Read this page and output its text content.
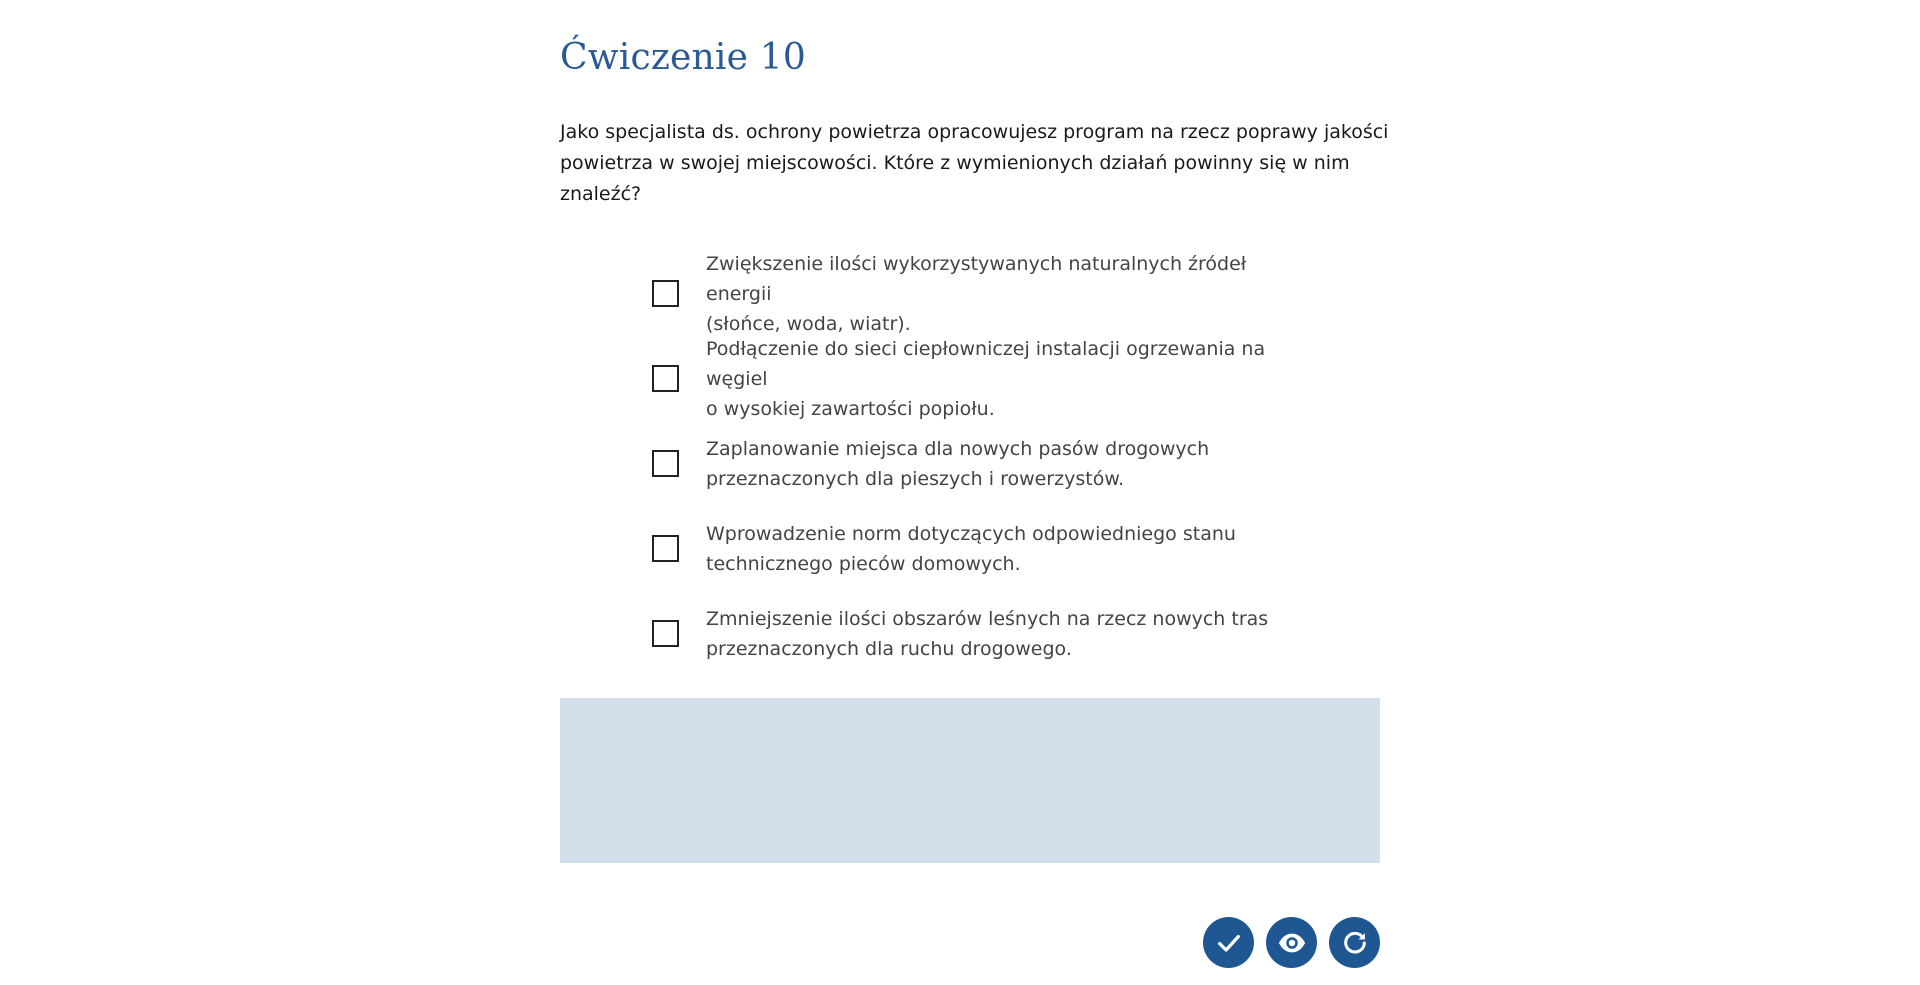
Ćwiczenie 10
Jako specjalista ds. ochrony powietrza opracowujesz program na rzecz poprawy jakości
powietrza w swojej miejscowości. Które z wymienionych działań powinny się w nim znaleźć?
Zwiększenie ilości wykorzystywanych naturalnych źródeł energii
(słońce, woda, wiatr).
Podłączenie do sieci ciepłowniczej instalacji ogrzewania na węgiel
o wysokiej zawartości popiołu.
Zaplanowanie miejsca dla nowych pasów drogowych
przeznaczonych dla pieszych i rowerzystów.
Wprowadzenie norm dotyczących odpowiedniego stanu
technicznego pieców domowych.
Zmniejszenie ilości obszarów leśnych na rzecz nowych tras
przeznaczonych dla ruchu drogowego.
